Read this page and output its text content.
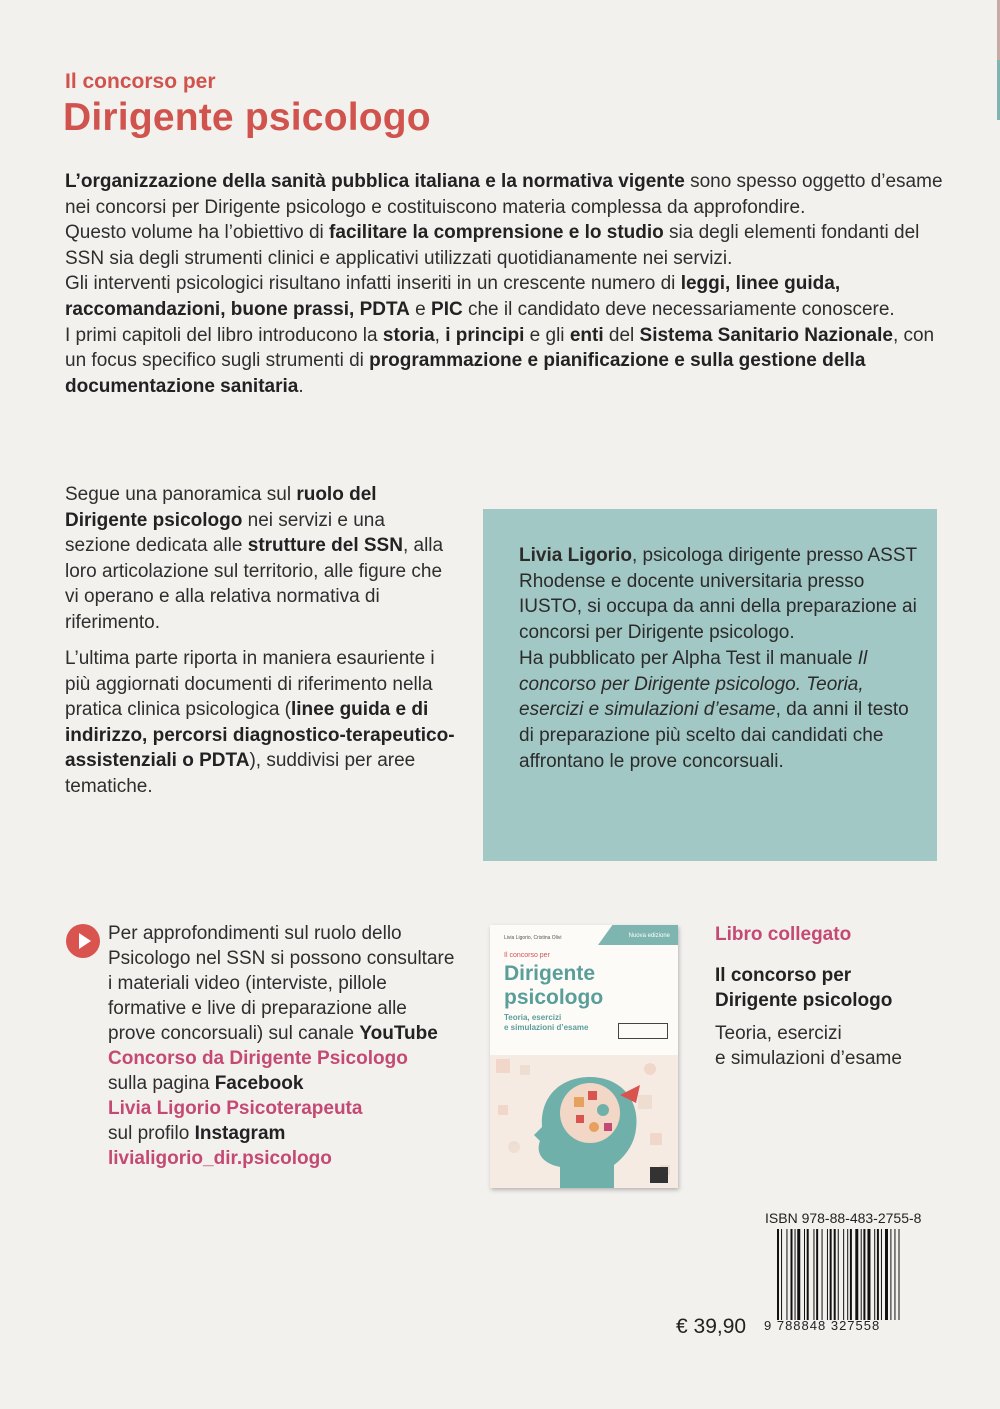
Il concorso per
Dirigente psicologo

L’organizzazione della sanità pubblica italiana e la normativa vigente sono spesso oggetto d’esame nei concorsi per Dirigente psicologo e costituiscono materia complessa da approfondire.
Questo volume ha l’obiettivo di facilitare la comprensione e lo studio sia degli elementi fondanti del SSN sia degli strumenti clinici e applicativi utilizzati quotidianamente nei servizi.
Gli interventi psicologici risultano infatti inseriti in un crescente numero di leggi, linee guida, raccomandazioni, buone prassi, PDTA e PIC che il candidato deve necessariamente conoscere.
I primi capitoli del libro introducono la storia, i principi e gli enti del Sistema Sanitario Nazionale, con un focus specifico sugli strumenti di programmazione e pianificazione e sulla gestione della documentazione sanitaria.

Segue una panoramica sul ruolo del Dirigente psicologo nei servizi e una sezione dedicata alle strutture del SSN, alla loro articolazione sul territorio, alle figure che vi operano e alla relativa normativa di riferimento.

L’ultima parte riporta in maniera esauriente i più aggiornati documenti di riferimento nella pratica clinica psicologica (linee guida e di indirizzo, percorsi diagnostico-terapeutico-assistenziali o PDTA), suddivisi per aree tematiche.

Livia Ligorio, psicologa dirigente presso ASST Rhodense e docente universitaria presso IUSTO, si occupa da anni della preparazione ai concorsi per Dirigente psicologo.
Ha pubblicato per Alpha Test il manuale Il concorso per Dirigente psicologo. Teoria, esercizi e simulazioni d’esame, da anni il testo di preparazione più scelto dai candidati che affrontano le prove concorsuali.
Per approfondimenti sul ruolo dello Psicologo nel SSN si possono consultare i materiali video (interviste, pillole formative e live di preparazione alle prove concorsuali) sul canale YouTube
Concorso da Dirigente Psicologo
sulla pagina Facebook
Livia Ligorio Psicoterapeuta
sul profilo Instagram
livialigorio_dir.psicologo
Nuova edizione
Livia Ligorio, Cristina Olivi
Il concorso per
Dirigente
psicologo
Teoria, esercizi
e simulazioni d’esame
Libro collegato
Il concorso per
Dirigente psicologo
Teoria, esercizi
e simulazioni d’esame
ISBN 978-88-483-2755-8
9 788848 327558
€ 39,90
